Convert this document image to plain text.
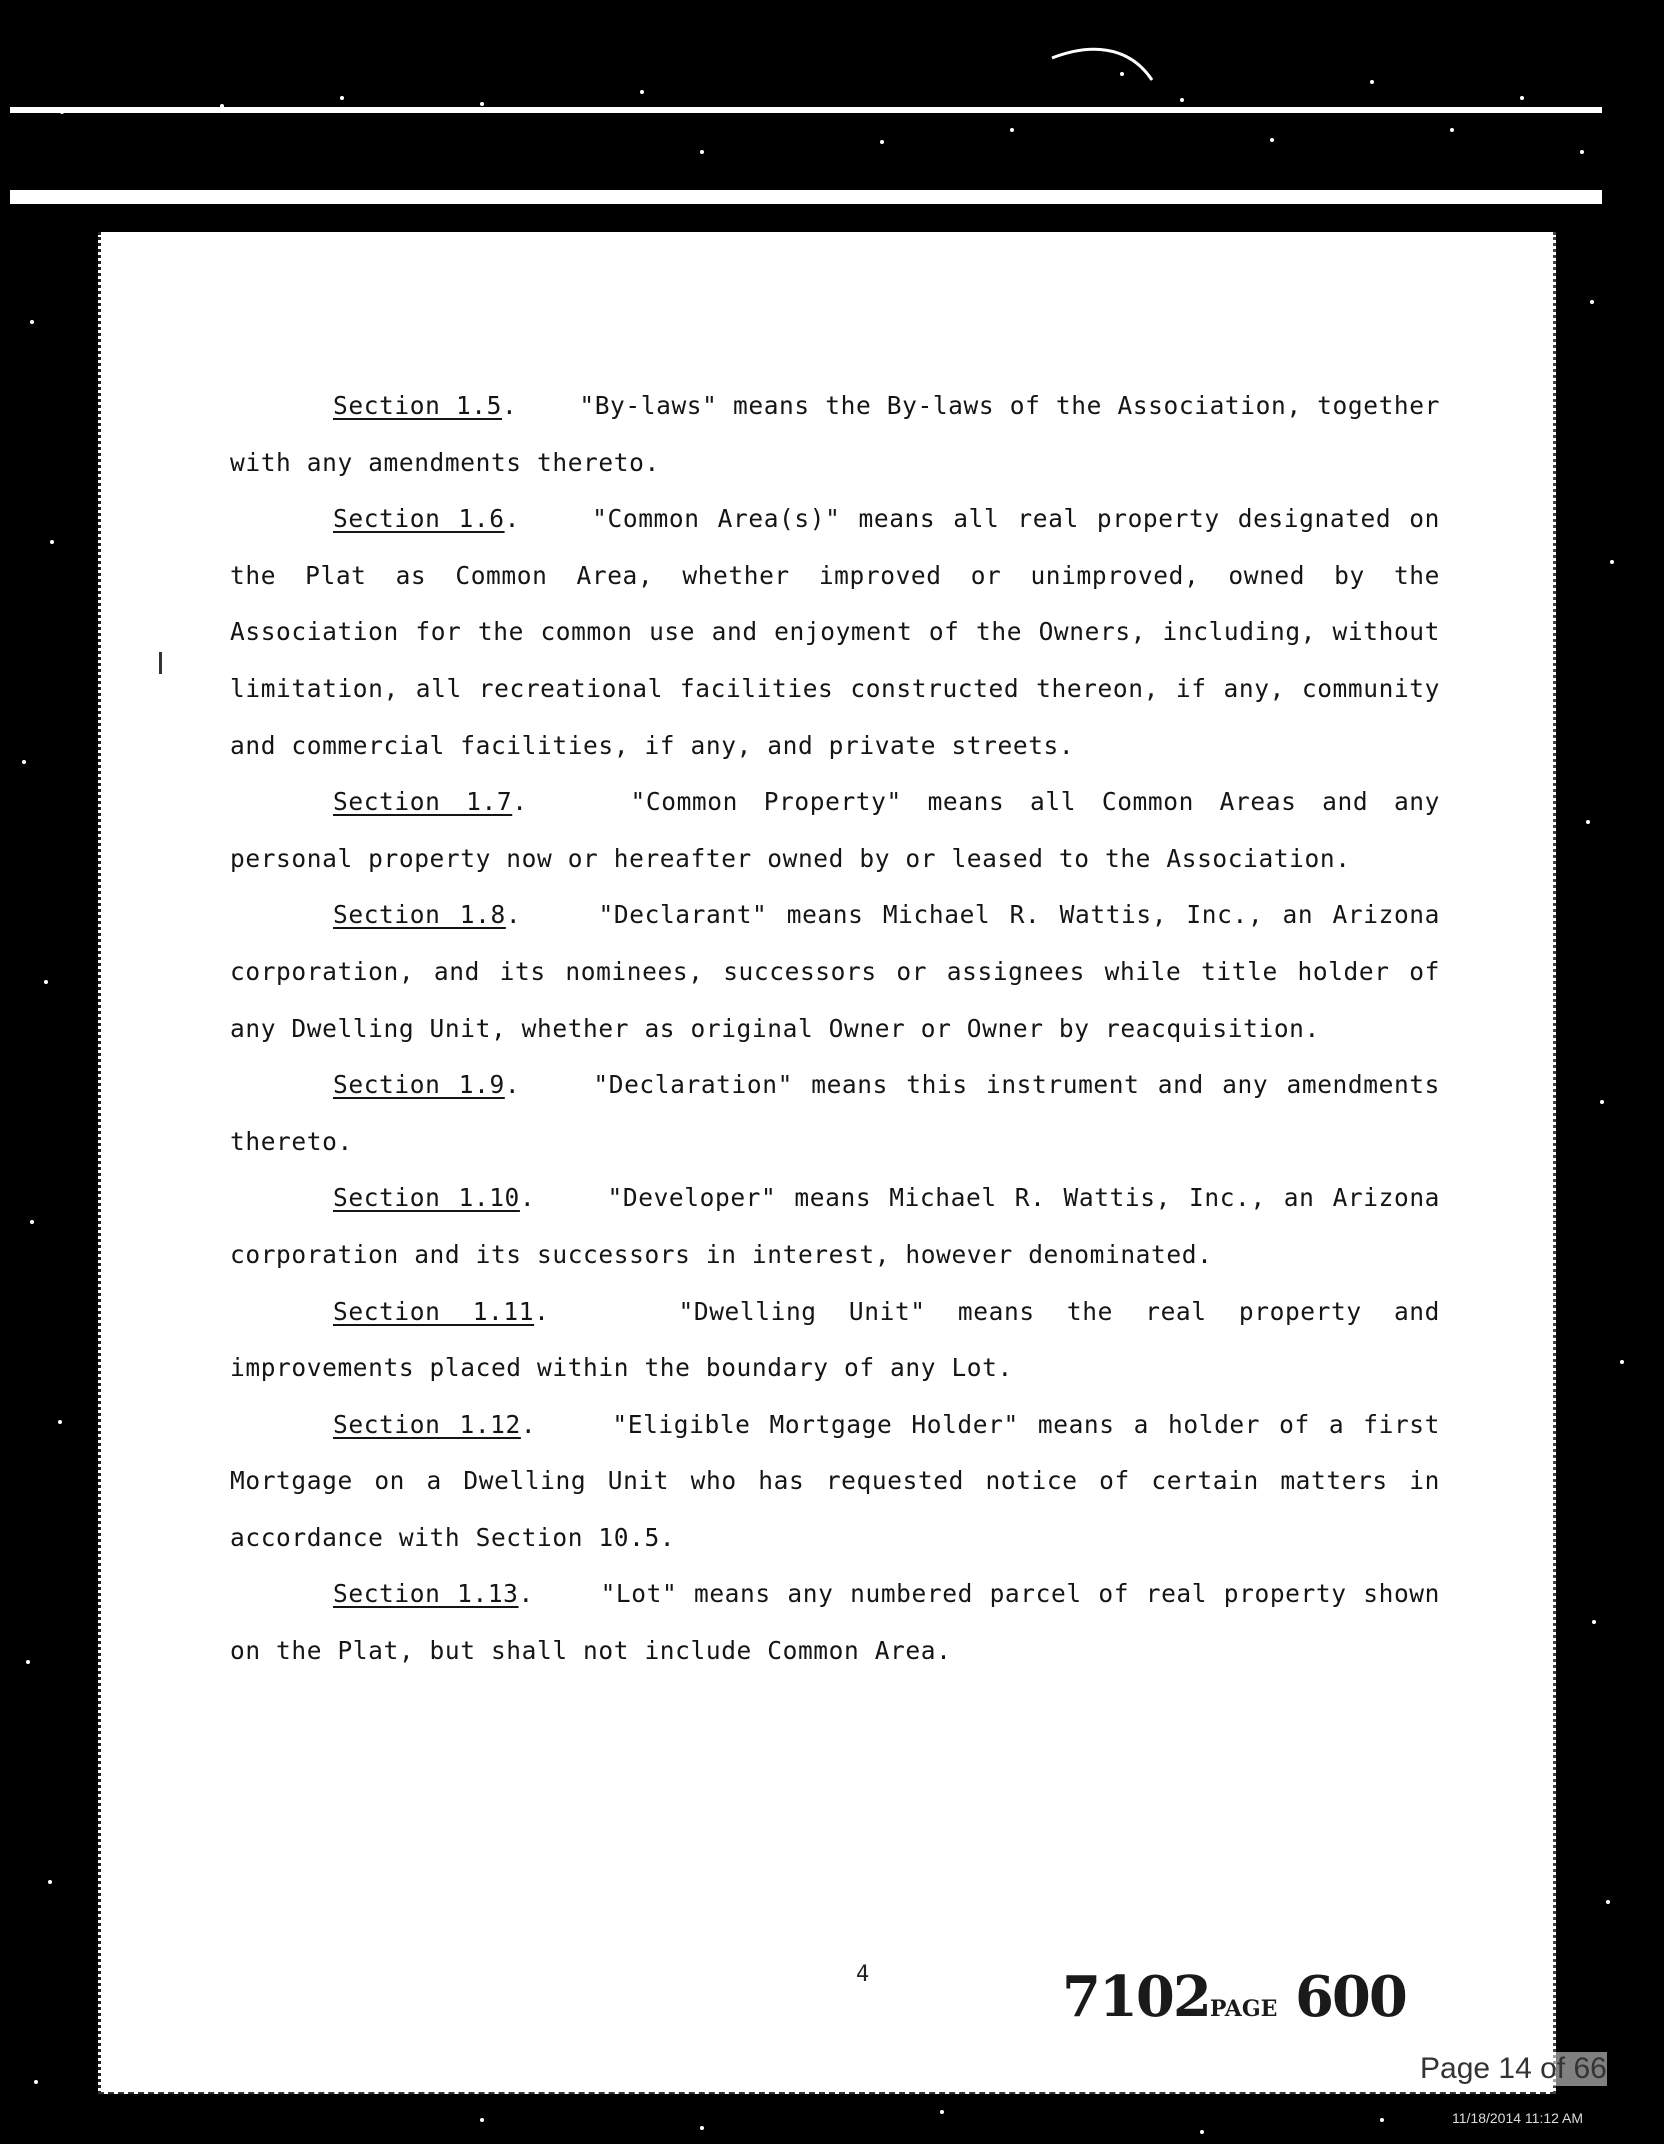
Section 1.5.	"By-laws" means the By-laws of the Association, together with any amendments thereto.

Section 1.6.	"Common Area(s)" means all real property designated on the Plat as Common Area, whether improved or unimproved, owned by the Association for the common use and enjoyment of the Owners, including, without limitation, all recreational facilities constructed thereon, if any, community and commercial facilities, if any, and private streets.

Section 1.7.	"Common Property" means all Common Areas and any personal property now or hereafter owned by or leased to the Association.

Section 1.8.	"Declarant" means Michael R. Wattis, Inc., an Arizona corporation, and its nominees, successors or assignees while title holder of any Dwelling Unit, whether as original Owner or Owner by reacquisition.

Section 1.9.	"Declaration" means this instrument and any amendments thereto.

Section 1.10.	"Developer" means Michael R. Wattis, Inc., an Arizona corporation and its successors in interest, however denominated.

Section 1.11.	"Dwelling Unit" means the real property and improvements placed within the boundary of any Lot.

Section 1.12.	"Eligible Mortgage Holder" means a holder of a first Mortgage on a Dwelling Unit who has requested notice of certain matters in accordance with Section 10.5.

Section 1.13.	"Lot" means any numbered parcel of real property shown on the Plat, but shall not include Common Area.

4	7102PAGE 600
Page 14 of 66
11/18/2014 11:12 AM
